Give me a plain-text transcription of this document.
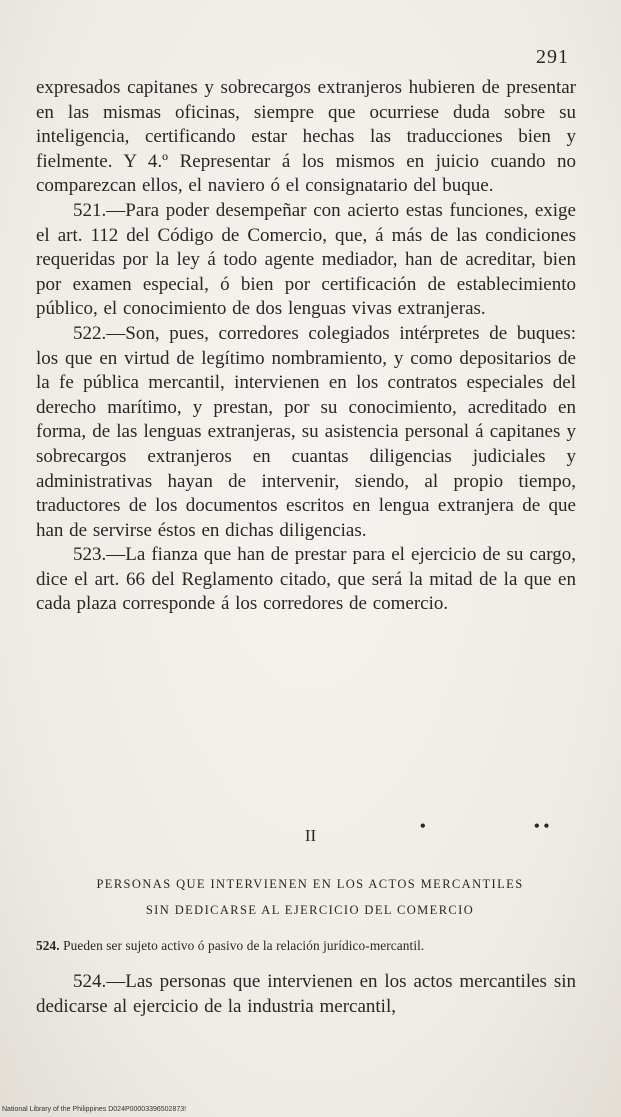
291

expresados capitanes y sobrecargos extranjeros hubieren de presentar en las mismas oficinas, siempre que ocurriese duda sobre su inteligencia, certificando estar hechas las traducciones bien y fielmente. Y 4.º Representar á los mismos en juicio cuando no comparezcan ellos, el naviero ó el consignatario del buque.

521.—Para poder desempeñar con acierto estas funciones, exige el art. 112 del Código de Comercio, que, á más de las condiciones requeridas por la ley á todo agente mediador, han de acreditar, bien por examen especial, ó bien por certificación de establecimiento público, el conocimiento de dos lenguas vivas extranjeras.

522.—Son, pues, corredores colegiados intérpretes de buques: los que en virtud de legítimo nombramiento, y como depositarios de la fe pública mercantil, intervienen en los contratos especiales del derecho marítimo, y prestan, por su conocimiento, acreditado en forma, de las lenguas extranjeras, su asistencia personal á capitanes y sobrecargos extranjeros en cuantas diligencias judiciales y administrativas hayan de intervenir, siendo, al propio tiempo, traductores de los documentos escritos en lengua extranjera de que han de servirse éstos en dichas diligencias.

523.—La fianza que han de prestar para el ejercicio de su cargo, dice el art. 66 del Reglamento citado, que será la mitad de la que en cada plaza corresponde á los corredores de comercio.

II	•	• •
PERSONAS QUE INTERVIENEN EN LOS ACTOS MERCANTILES
SIN DEDICARSE AL EJERCICIO DEL COMERCIO
524. Pueden ser sujeto activo ó pasivo de la relación jurídico-mercantil.

524.—Las personas que intervienen en los actos mercantiles sin dedicarse al ejercicio de la industria mercantil,

National Library of the Philippines D024P00003396502873!
